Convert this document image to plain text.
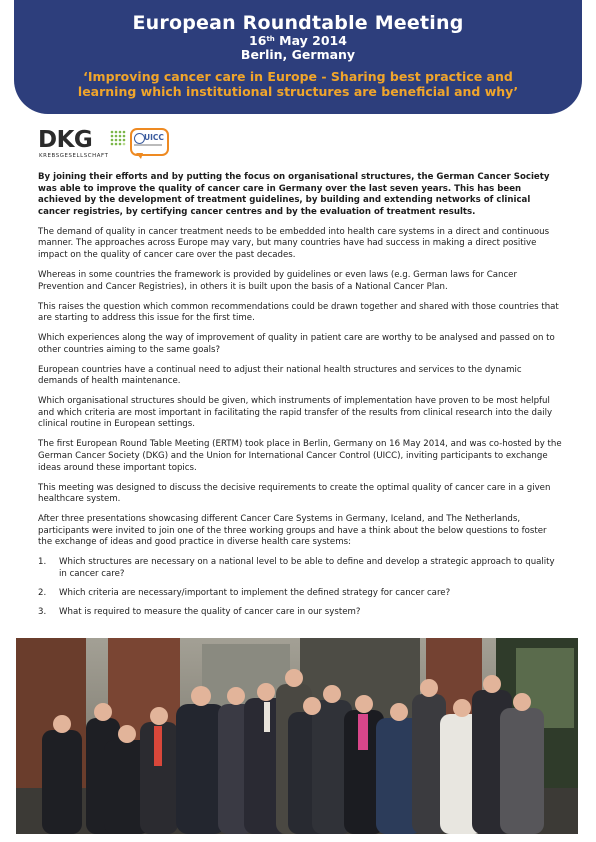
European Roundtable Meeting
16th May 2014
Berlin, Germany
‘Improving cancer care in Europe - Sharing best practice and
learning which institutional structures are beneficial and why’
DKG
KREBSGESELLSCHAFT
UICC

By joining their efforts and by putting the focus on organisational structures, the German Cancer Society was able to improve the quality of cancer care in Germany over the last seven years. This has been achieved by the development of treatment guidelines, by building and extending networks of clinical cancer registries, by certifying cancer centres and by the evaluation of treatment results.

The demand of quality in cancer treatment needs to be embedded into health care systems in a direct and continuous manner. The approaches across Europe may vary, but many countries have had success in making a direct positive impact on the quality of cancer care over the past decades.

Whereas in some countries the framework is provided by guidelines or even laws (e.g. German laws for Cancer Prevention and Cancer Registries), in others it is built upon the basis of a National Cancer Plan.

This raises the question which common recommendations could be drawn together and shared with those countries that are starting to address this issue for the first time.

Which experiences along the way of improvement of quality in patient care are worthy to be analysed and passed on to other countries aiming to the same goals?

European countries have a continual need to adjust their national health structures and services to the dynamic demands of health maintenance.

Which organisational structures should be given, which instruments of implementation have proven to be most helpful and which criteria are most important in facilitating the rapid transfer of the results from clinical research into the daily clinical routine in European settings.

The first European Round Table Meeting (ERTM) took place in Berlin, Germany on 16 May 2014, and was co-hosted by the German Cancer Society (DKG) and the Union for International Cancer Control (UICC), inviting participants to exchange ideas around these important topics.

This meeting was designed to discuss the decisive requirements to create the optimal quality of cancer care in a given healthcare system.

After three presentations showcasing different Cancer Care Systems in Germany, Iceland, and The Netherlands, participants were invited to join one of the three working groups and have a think about the below questions to foster the exchange of ideas and good practice in diverse health care systems:

1. Which structures are necessary on a national level to be able to define and develop a strategic approach to quality in cancer care?
2. Which criteria are necessary/important to implement the defined strategy for cancer care?
3. What is required to measure the quality of cancer care in our system?
